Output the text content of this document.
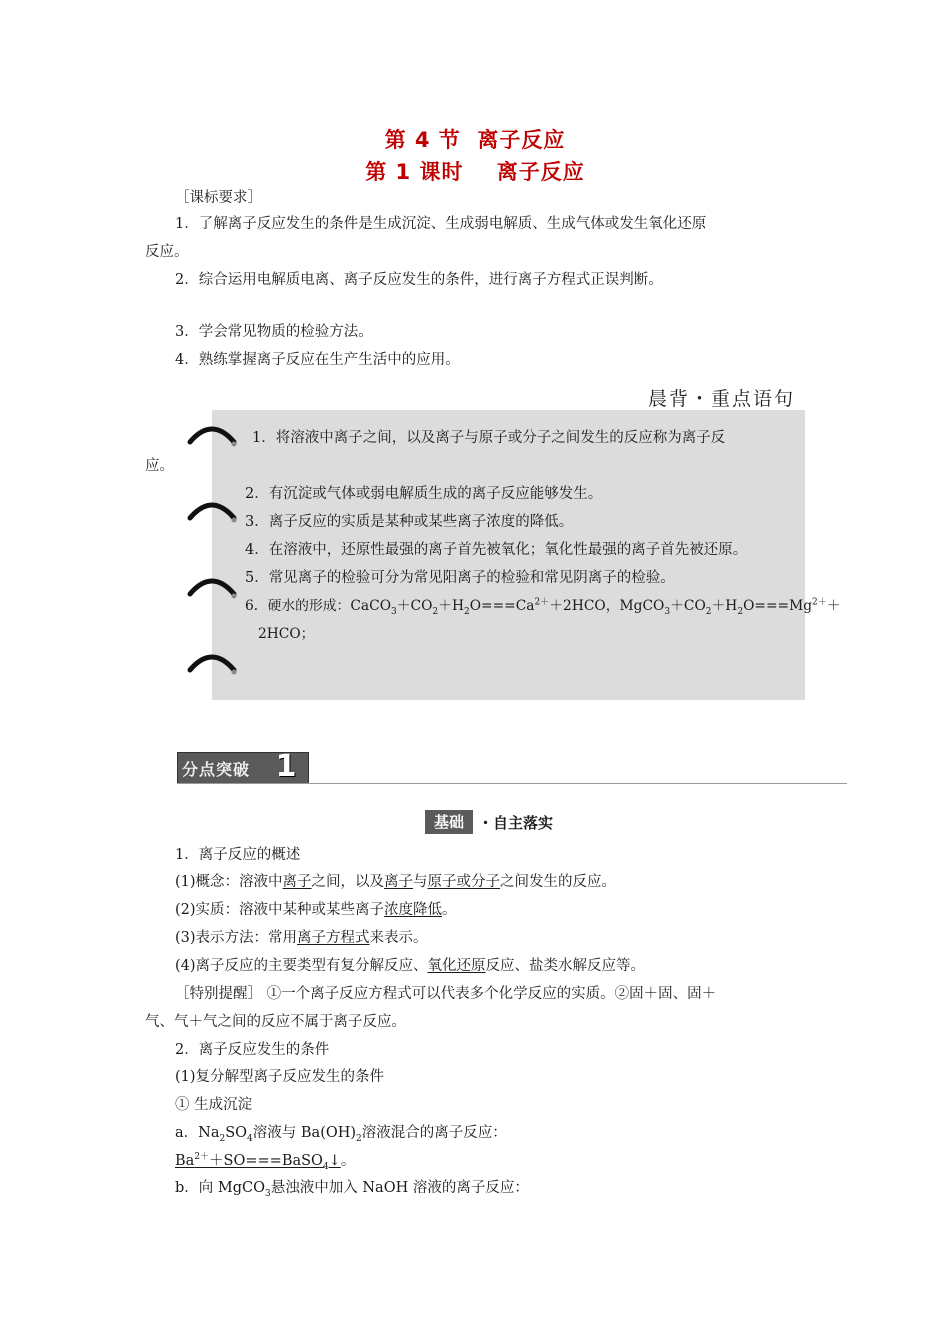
第 4 节  离子反应
第 1 课时    离子反应
［课标要求］
1．了解离子反应发生的条件是生成沉淀、生成弱电解质、生成气体或发生氧化还原
反应。
2．综合运用电解质电离、离子反应发生的条件，进行离子方程式正误判断。
3．学会常见物质的检验方法。
4．熟练掌握离子反应在生产生活中的应用。
晨背・重点语句
1．将溶液中离子之间，以及离子与原子或分子之间发生的反应称为离子反
应。
2．有沉淀或气体或弱电解质生成的离子反应能够发生。
3．离子反应的实质是某种或某些离子浓度的降低。
4．在溶液中，还原性最强的离子首先被氧化；氧化性最强的离子首先被还原。
5．常见离子的检验可分为常见阳离子的检验和常见阴离子的检验。
6．硬水的形成：$CaCO_3+CO_2+H_2O===Ca^{2+}+2HCO$，$MgCO_3+CO_2+H_2O===Mg^{2+}+$
2HCO；
分点突破 1
基础 ・自主落实
1．离子反应的概述
(1)概念：溶液中离子之间，以及离子与原子或分子之间发生的反应。
(2)实质：溶液中某种或某些离子浓度降低。
(3)表示方法：常用离子方程式来表示。
(4)离子反应的主要类型有复分解反应、氧化还原反应、盐类水解反应等。
［特别提醒］ ①一个离子反应方程式可以代表多个化学反应的实质。②固＋固、固＋
气、气＋气之间的反应不属于离子反应。
2．离子反应发生的条件
(1)复分解型离子反应发生的条件
① 生成沉淀
a．$Na_2SO_4$溶液与 $Ba(OH)_2$溶液混合的离子反应：
$Ba^{2+}+SO===BaSO_4↓$。
b．向 MgCO$_3$悬浊液中加入 NaOH 溶液的离子反应：
